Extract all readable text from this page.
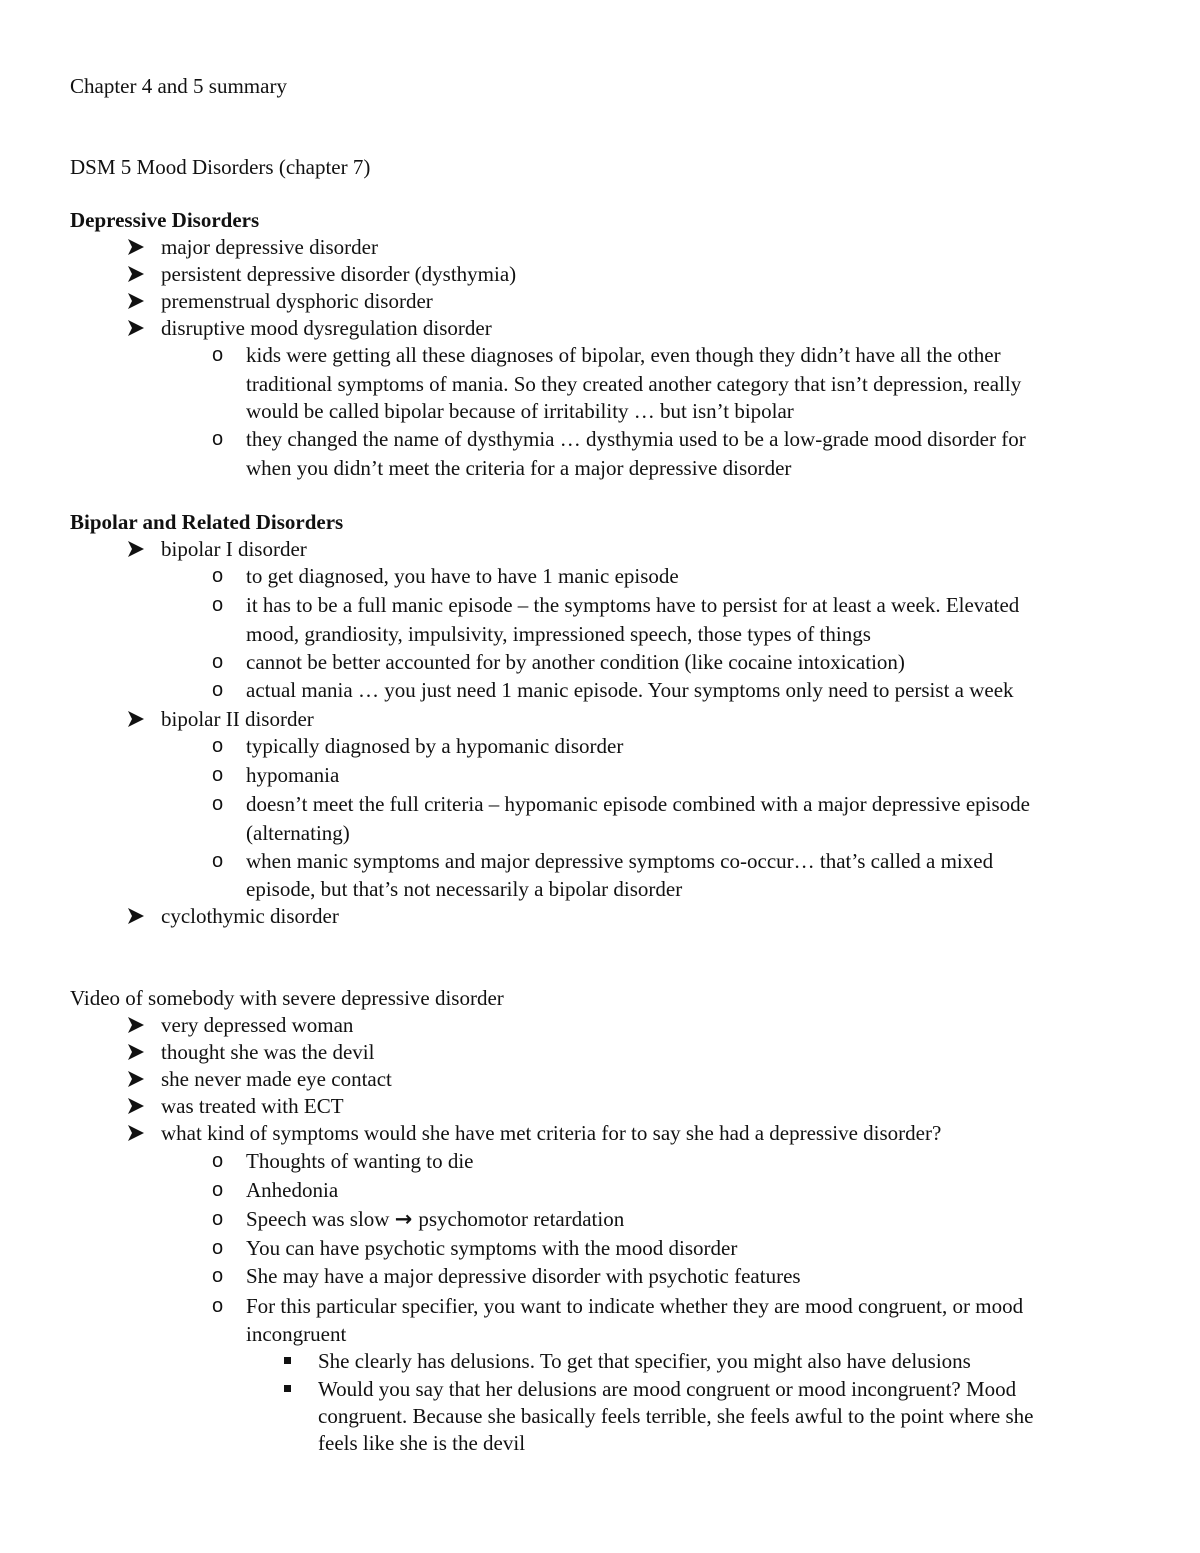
Chapter 4 and 5 summary
DSM 5 Mood Disorders (chapter 7)
Depressive Disorders
major depressive disorder
persistent depressive disorder (dysthymia)
premenstrual dysphoric disorder
disruptive mood dysregulation disorder
o kids were getting all these diagnoses of bipolar, even though they didn’t have all the other
traditional symptoms of mania. So they created another category that isn’t depression, really
would be called bipolar because of irritability … but isn’t bipolar
o they changed the name of dysthymia … dysthymia used to be a low-grade mood disorder for
when you didn’t meet the criteria for a major depressive disorder
Bipolar and Related Disorders
bipolar I disorder
o to get diagnosed, you have to have 1 manic episode
o it has to be a full manic episode – the symptoms have to persist for at least a week. Elevated
mood, grandiosity, impulsivity, impressioned speech, those types of things
o cannot be better accounted for by another condition (like cocaine intoxication)
o actual mania … you just need 1 manic episode. Your symptoms only need to persist a week
bipolar II disorder
o typically diagnosed by a hypomanic disorder
o hypomania
o doesn’t meet the full criteria – hypomanic episode combined with a major depressive episode
(alternating)
o when manic symptoms and major depressive symptoms co-occur… that’s called a mixed
episode, but that’s not necessarily a bipolar disorder
cyclothymic disorder
Video of somebody with severe depressive disorder
very depressed woman
thought she was the devil
she never made eye contact
was treated with ECT
what kind of symptoms would she have met criteria for to say she had a depressive disorder?
o Thoughts of wanting to die
o Anhedonia
o Speech was slow → psychomotor retardation
o You can have psychotic symptoms with the mood disorder
o She may have a major depressive disorder with psychotic features
o For this particular specifier, you want to indicate whether they are mood congruent, or mood
incongruent
She clearly has delusions. To get that specifier, you might also have delusions
Would you say that her delusions are mood congruent or mood incongruent? Mood
congruent. Because she basically feels terrible, she feels awful to the point where she
feels like she is the devil
